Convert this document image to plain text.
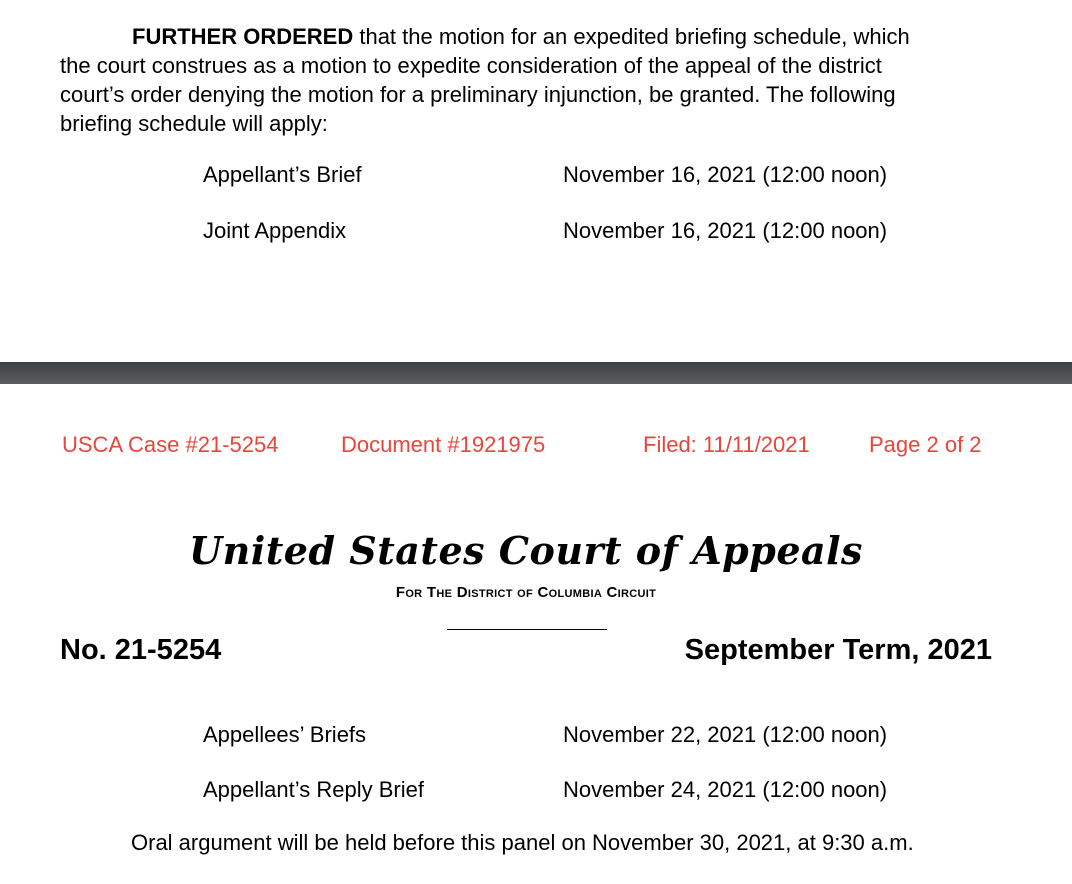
FURTHER ORDERED that the motion for an expedited briefing schedule, which
the court construes as a motion to expedite consideration of the appeal of the district
court’s order denying the motion for a preliminary injunction, be granted. The following
briefing schedule will apply:
Appellant’s Brief	November 16, 2021 (12:00 noon)
Joint Appendix	November 16, 2021 (12:00 noon)
USCA Case #21-5254	Document #1921975	Filed: 11/11/2021	Page 2 of 2
United States Court of Appeals
For The District of Columbia Circuit
No. 21-5254	September Term, 2021
Appellees’ Briefs	November 22, 2021 (12:00 noon)
Appellant’s Reply Brief	November 24, 2021 (12:00 noon)
Oral argument will be held before this panel on November 30, 2021, at 9:30 a.m.
